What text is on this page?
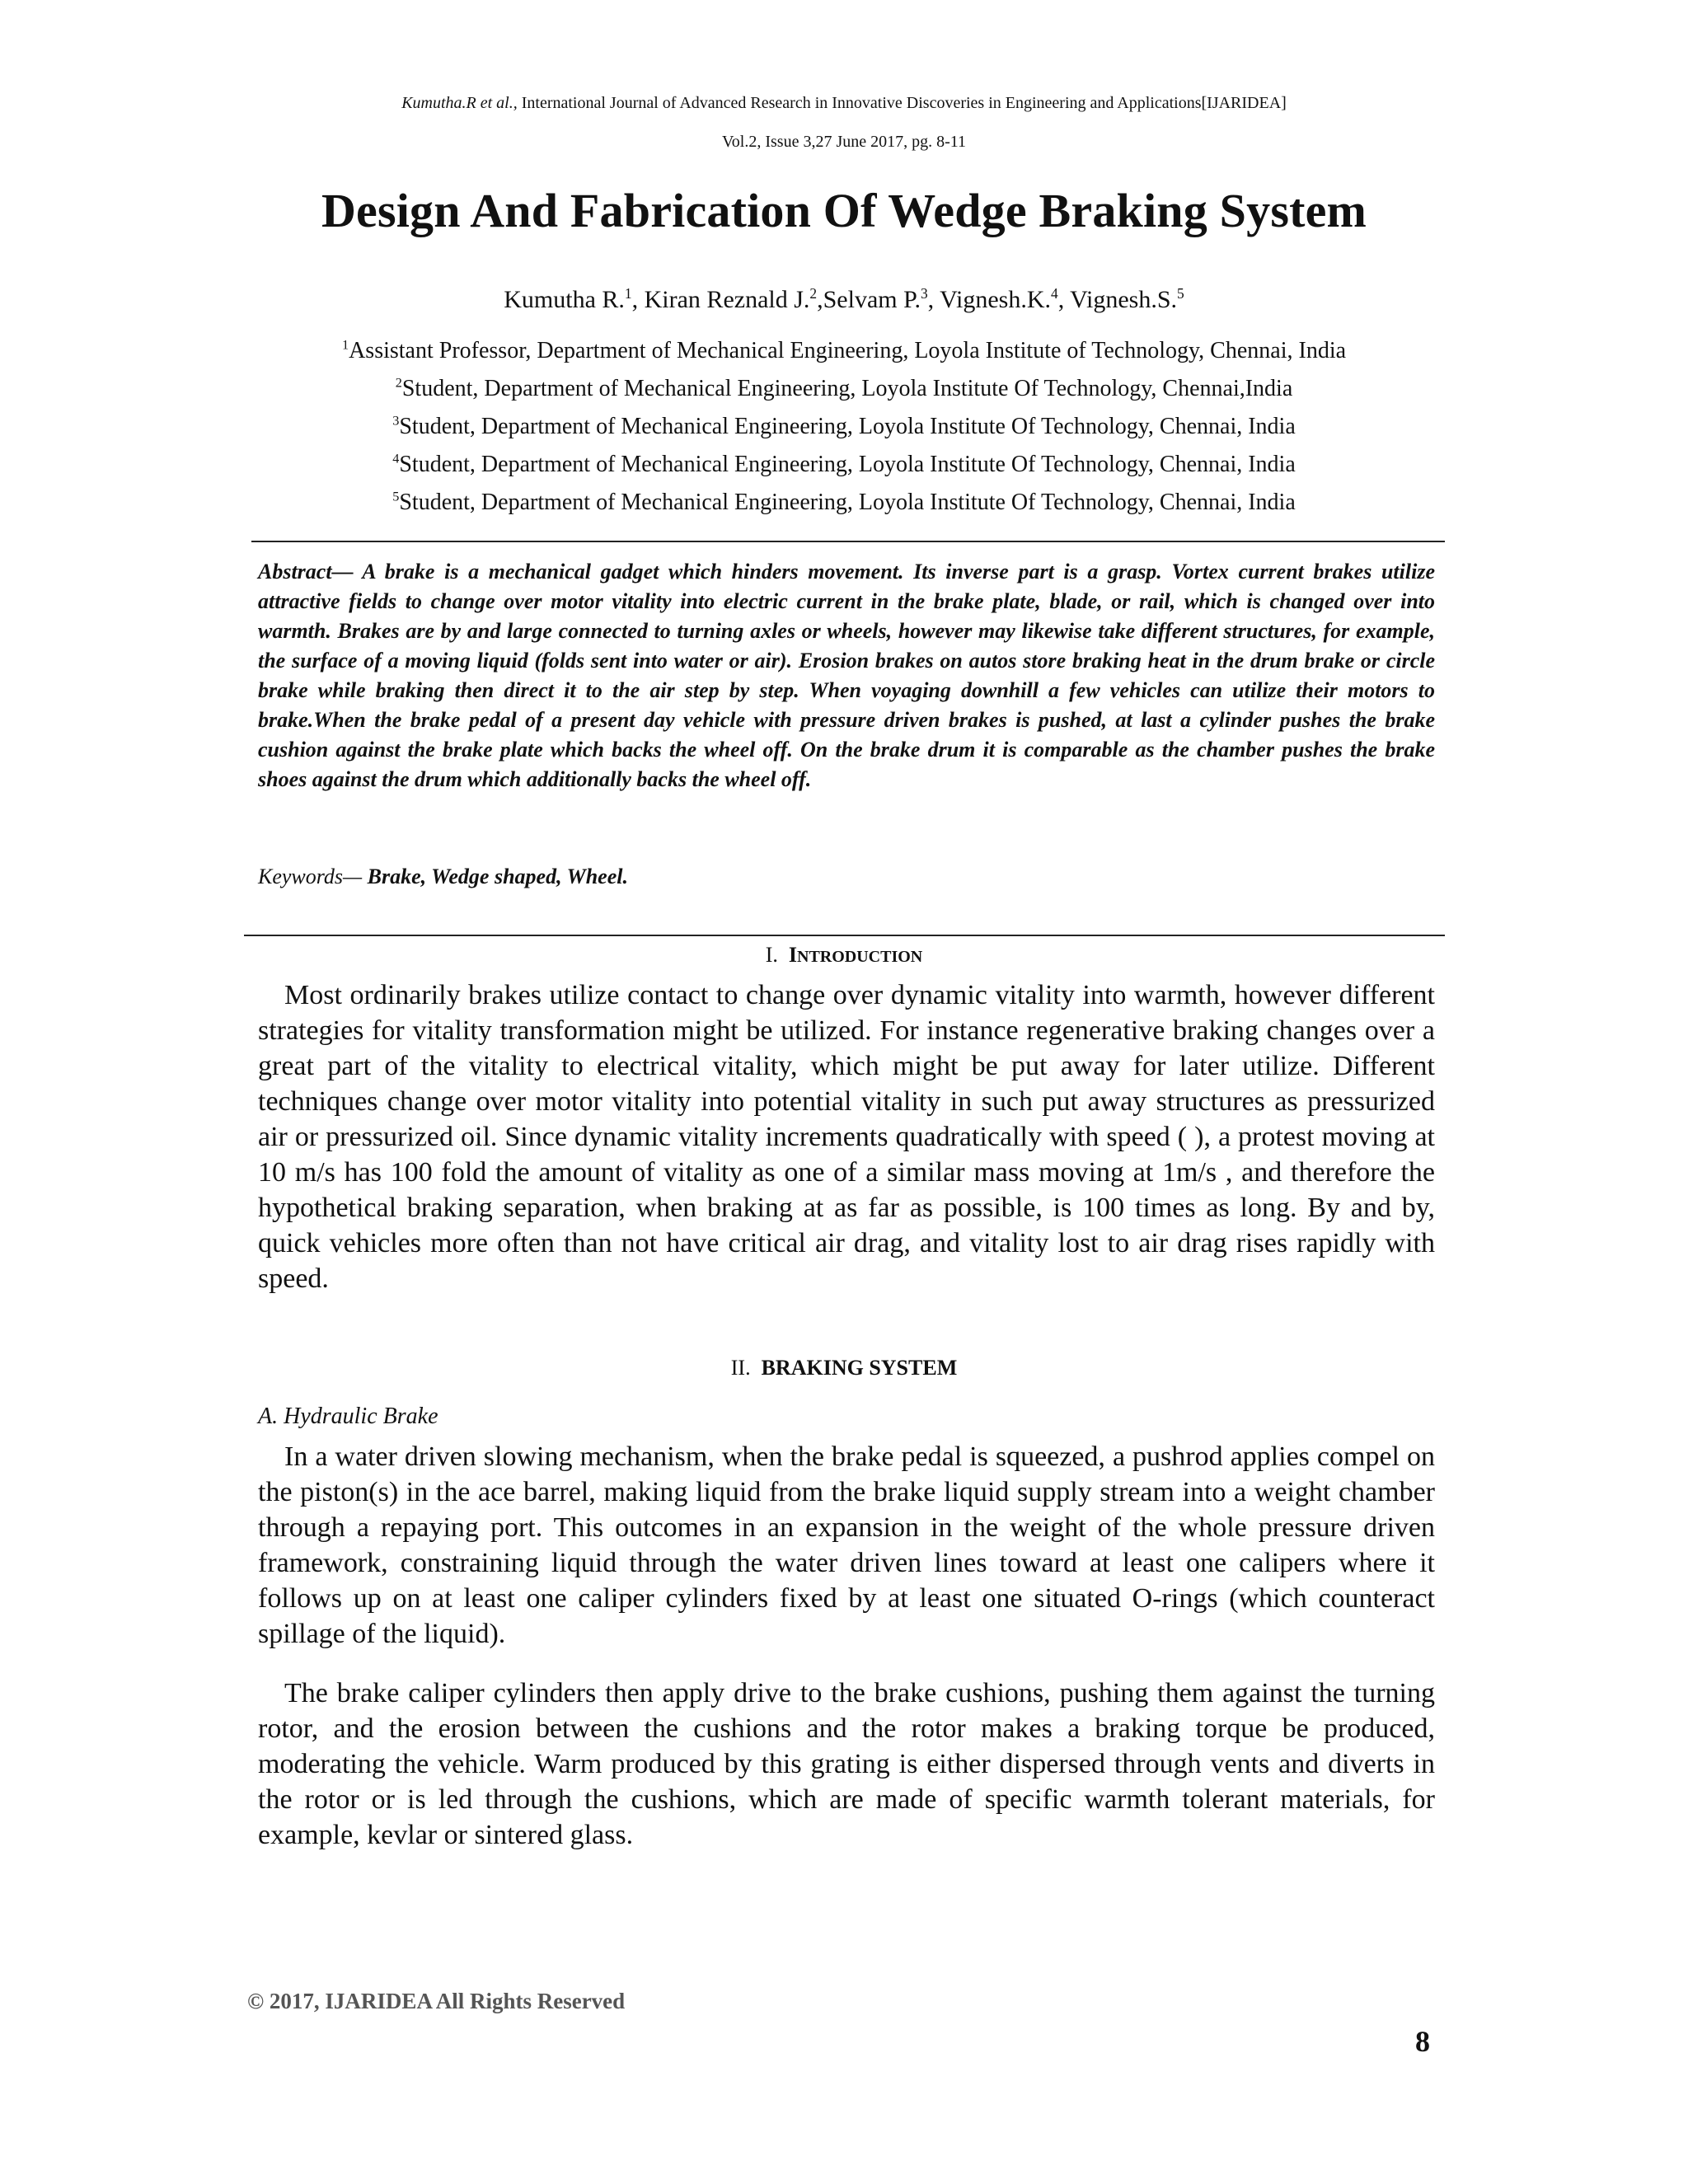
Kumutha.R et al., International Journal of Advanced Research in Innovative Discoveries in Engineering and Applications[IJARIDEA]
Vol.2, Issue 3,27 June 2017, pg. 8-11
Design And Fabrication Of Wedge Braking System
Kumutha R.$^1$, Kiran Reznald J.$^2$,Selvam P.$^3$, Vignesh.K.$^4$, Vignesh.S.$^5$
$^1$Assistant Professor, Department of Mechanical Engineering, Loyola Institute of Technology, Chennai, India
$^2$Student, Department of Mechanical Engineering, Loyola Institute Of Technology, Chennai,India
$^3$Student, Department of Mechanical Engineering, Loyola Institute Of Technology, Chennai, India
$^4$Student, Department of Mechanical Engineering, Loyola Institute Of Technology, Chennai, India
$^5$Student, Department of Mechanical Engineering, Loyola Institute Of Technology, Chennai, India
Abstract— A brake is a mechanical gadget which hinders movement. Its inverse part is a grasp. Vortex current brakes utilize attractive fields to change over motor vitality into electric current in the brake plate, blade, or rail, which is changed over into warmth. Brakes are by and large connected to turning axles or wheels, however may likewise take different structures, for example, the surface of a moving liquid (folds sent into water or air). Erosion brakes on autos store braking heat in the drum brake or circle brake while braking then direct it to the air step by step. When voyaging downhill a few vehicles can utilize their motors to brake.When the brake pedal of a present day vehicle with pressure driven brakes is pushed, at last a cylinder pushes the brake cushion against the brake plate which backs the wheel off. On the brake drum it is comparable as the chamber pushes the brake shoes against the drum which additionally backs the wheel off.
Keywords— Brake, Wedge shaped, Wheel.
I. INTRODUCTION
Most ordinarily brakes utilize contact to change over dynamic vitality into warmth, however different strategies for vitality transformation might be utilized. For instance regenerative braking changes over a great part of the vitality to electrical vitality, which might be put away for later utilize. Different techniques change over motor vitality into potential vitality in such put away structures as pressurized air or pressurized oil. Since dynamic vitality increments quadratically with speed ( ), a protest moving at 10 m/s has 100 fold the amount of vitality as one of a similar mass moving at 1m/s , and therefore the hypothetical braking separation, when braking at as far as possible, is 100 times as long. By and by, quick vehicles more often than not have critical air drag, and vitality lost to air drag rises rapidly with speed.
II. BRAKING SYSTEM
A. Hydraulic Brake
In a water driven slowing mechanism, when the brake pedal is squeezed, a pushrod applies compel on the piston(s) in the ace barrel, making liquid from the brake liquid supply stream into a weight chamber through a repaying port. This outcomes in an expansion in the weight of the whole pressure driven framework, constraining liquid through the water driven lines toward at least one calipers where it follows up on at least one caliper cylinders fixed by at least one situated O-rings (which counteract spillage of the liquid).
The brake caliper cylinders then apply drive to the brake cushions, pushing them against the turning rotor, and the erosion between the cushions and the rotor makes a braking torque be produced, moderating the vehicle. Warm produced by this grating is either dispersed through vents and diverts in the rotor or is led through the cushions, which are made of specific warmth tolerant materials, for example, kevlar or sintered glass.
© 2017, IJARIDEA All Rights Reserved
8
